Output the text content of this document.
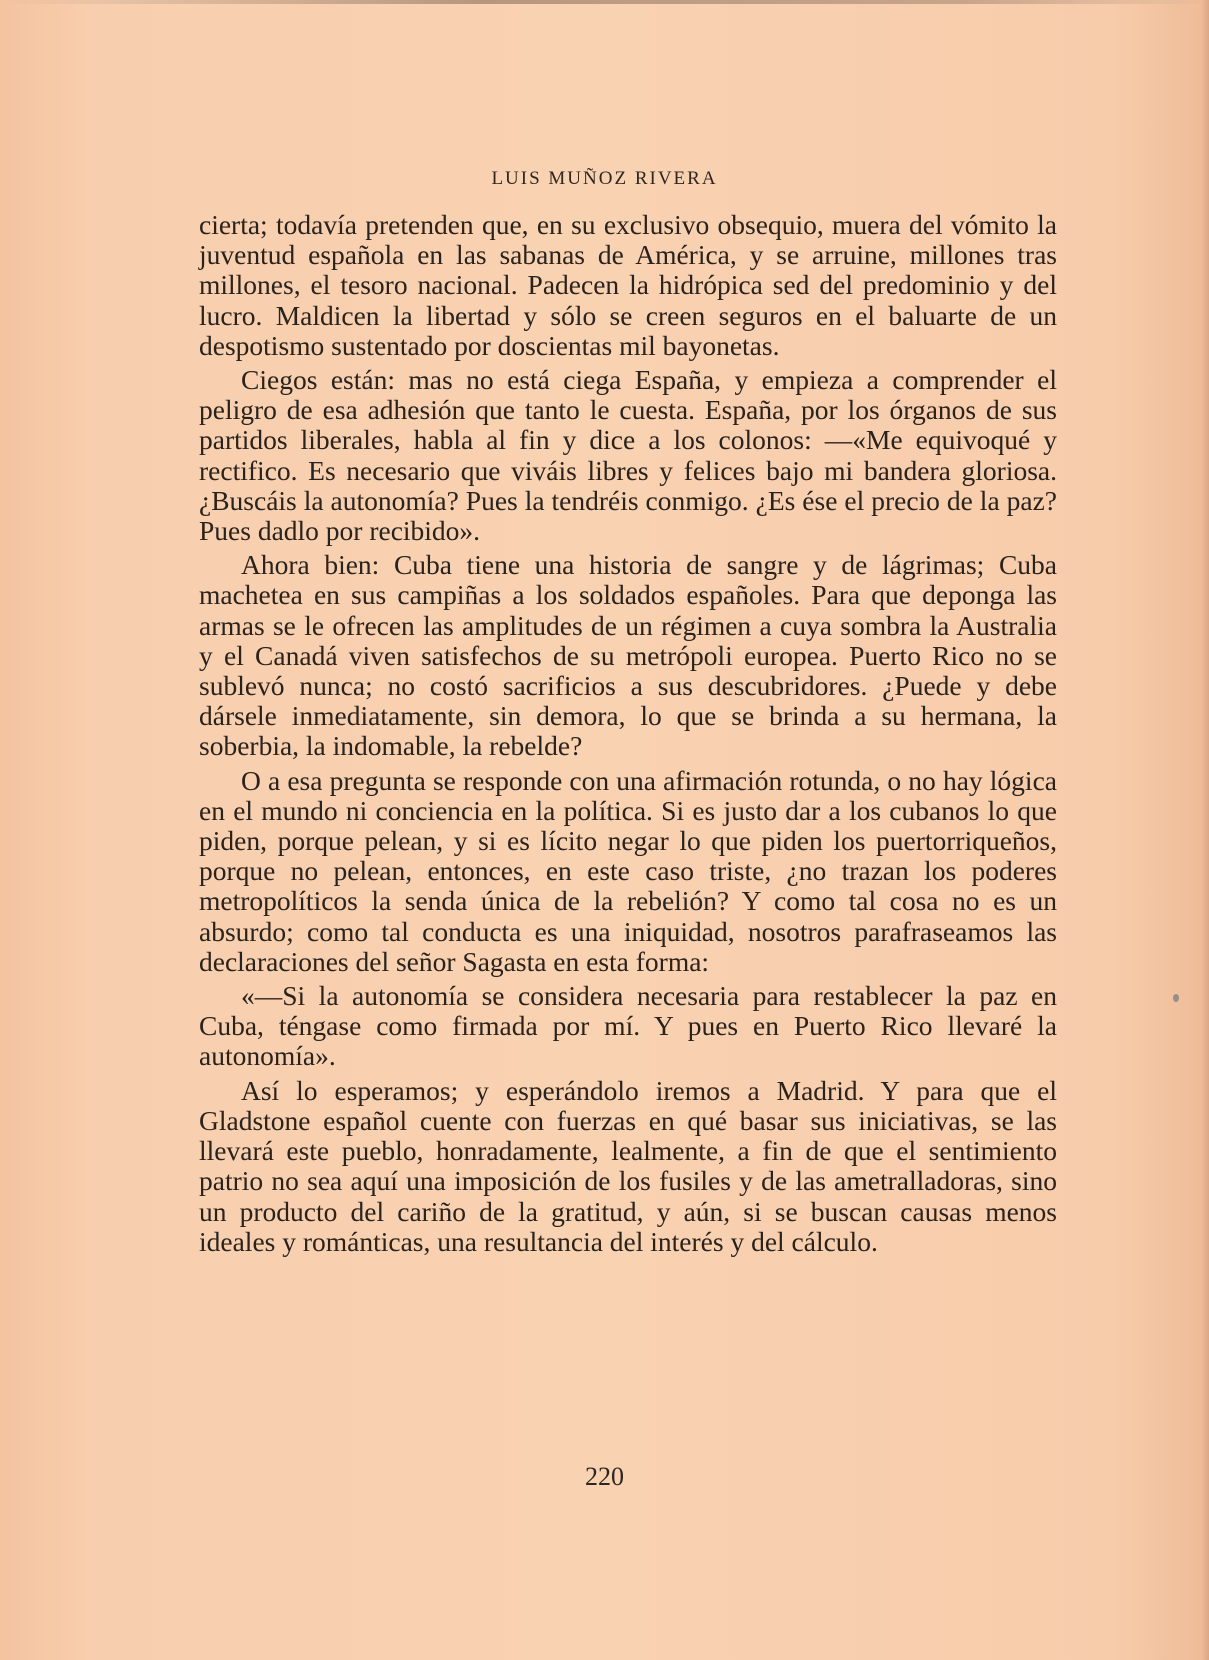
LUIS MUÑOZ RIVERA

cierta; todavía pretenden que, en su exclusivo obsequio, muera del vómito la juventud española en las sabanas de América, y se arruine, millones tras millones, el tesoro nacional. Padecen la hidrópica sed del predominio y del lucro. Maldicen la libertad y sólo se creen seguros en el baluarte de un despotismo sustentado por doscientas mil bayonetas.

Ciegos están: mas no está ciega España, y empieza a comprender el peligro de esa adhesión que tanto le cuesta. España, por los órganos de sus partidos liberales, habla al fin y dice a los colonos: —«Me equivoqué y rectifico. Es necesario que viváis libres y felices bajo mi bandera gloriosa. ¿Buscáis la autonomía? Pues la tendréis conmigo. ¿Es ése el precio de la paz? Pues dadlo por recibido».

Ahora bien: Cuba tiene una historia de sangre y de lágrimas; Cuba machetea en sus campiñas a los soldados españoles. Para que deponga las armas se le ofrecen las amplitudes de un régimen a cuya sombra la Australia y el Canadá viven satisfechos de su metrópoli europea. Puerto Rico no se sublevó nunca; no costó sacrificios a sus descubridores. ¿Puede y debe dársele inmediatamente, sin demora, lo que se brinda a su hermana, la soberbia, la indomable, la rebelde?

O a esa pregunta se responde con una afirmación rotunda, o no hay lógica en el mundo ni conciencia en la política. Si es justo dar a los cubanos lo que piden, porque pelean, y si es lícito negar lo que piden los puertorriqueños, porque no pelean, entonces, en este caso triste, ¿no trazan los poderes metropolíticos la senda única de la rebelión? Y como tal cosa no es un absurdo; como tal conducta es una iniquidad, nosotros parafraseamos las declaraciones del señor Sagasta en esta forma:

«—Si la autonomía se considera necesaria para restablecer la paz en Cuba, téngase como firmada por mí. Y pues en Puerto Rico llevaré la autonomía».

Así lo esperamos; y esperándolo iremos a Madrid. Y para que el Gladstone español cuente con fuerzas en qué basar sus iniciativas, se las llevará este pueblo, honradamente, lealmente, a fin de que el sentimiento patrio no sea aquí una imposición de los fusiles y de las ametralladoras, sino un producto del cariño de la gratitud, y aún, si se buscan causas menos ideales y románticas, una resultancia del interés y del cálculo.

220
